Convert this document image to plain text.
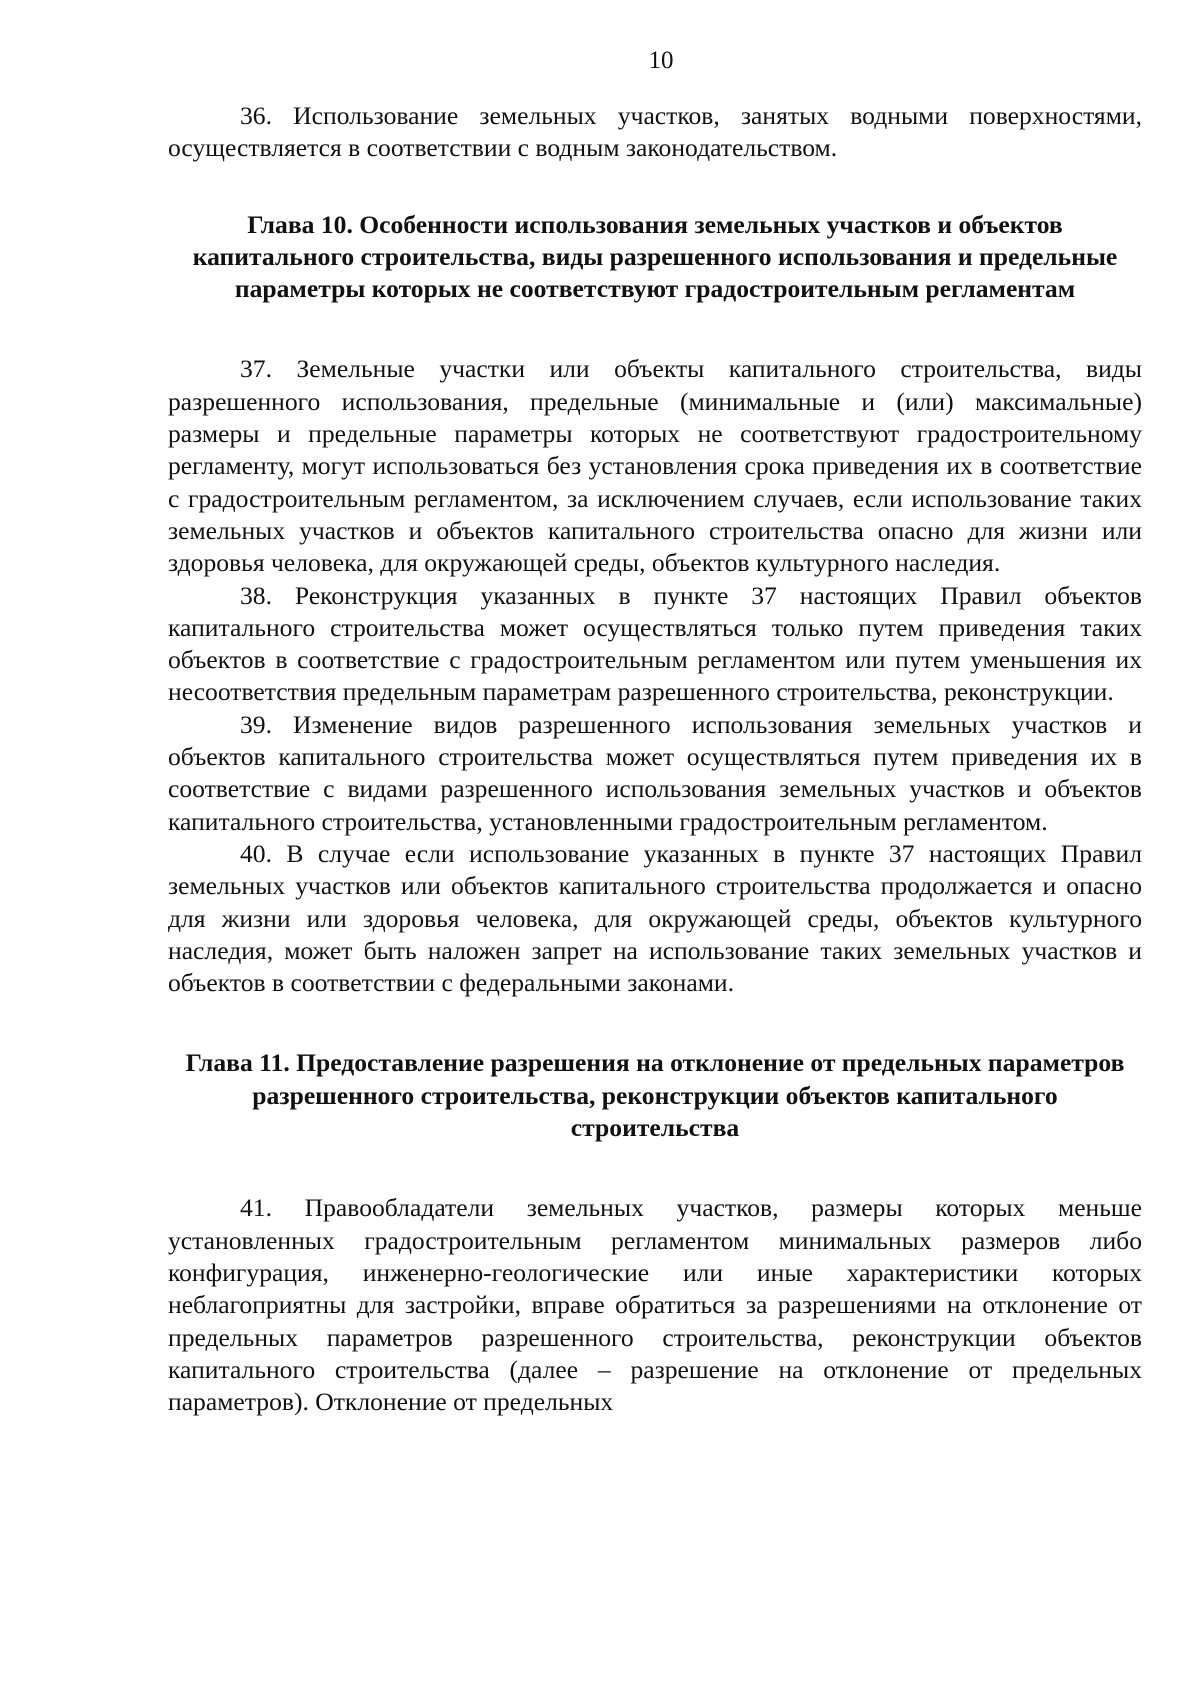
10

36. Использование земельных участков, занятых водными поверхностями, осуществляется в соответствии с водным законодательством.

Глава 10. Особенности использования земельных участков и объектов капитального строительства, виды разрешенного использования и предельные параметры которых не соответствуют градостроительным регламентам

37. Земельные участки или объекты капитального строительства, виды разрешенного использования, предельные (минимальные и (или) максимальные) размеры и предельные параметры которых не соответствуют градостроительному регламенту, могут использоваться без установления срока приведения их в соответствие с градостроительным регламентом, за исключением случаев, если использование таких земельных участков и объектов капитального строительства опасно для жизни или здоровья человека, для окружающей среды, объектов культурного наследия.

38. Реконструкция указанных в пункте 37 настоящих Правил объектов капитального строительства может осуществляться только путем приведения таких объектов в соответствие с градостроительным регламентом или путем уменьшения их несоответствия предельным параметрам разрешенного строительства, реконструкции.

39. Изменение видов разрешенного использования земельных участков и объектов капитального строительства может осуществляться путем приведения их в соответствие с видами разрешенного использования земельных участков и объектов капитального строительства, установленными градостроительным регламентом.

40. В случае если использование указанных в пункте 37 настоящих Правил земельных участков или объектов капитального строительства продолжается и опасно для жизни или здоровья человека, для окружающей среды, объектов культурного наследия, может быть наложен запрет на использование таких земельных участков и объектов в соответствии с федеральными законами.

Глава 11. Предоставление разрешения на отклонение от предельных параметров разрешенного строительства, реконструкции объектов капитального строительства

41. Правообладатели земельных участков, размеры которых меньше установленных градостроительным регламентом минимальных размеров либо конфигурация, инженерно-геологические или иные характеристики которых неблагоприятны для застройки, вправе обратиться за разрешениями на отклонение от предельных параметров разрешенного строительства, реконструкции объектов капитального строительства (далее – разрешение на отклонение от предельных параметров). Отклонение от предельных
